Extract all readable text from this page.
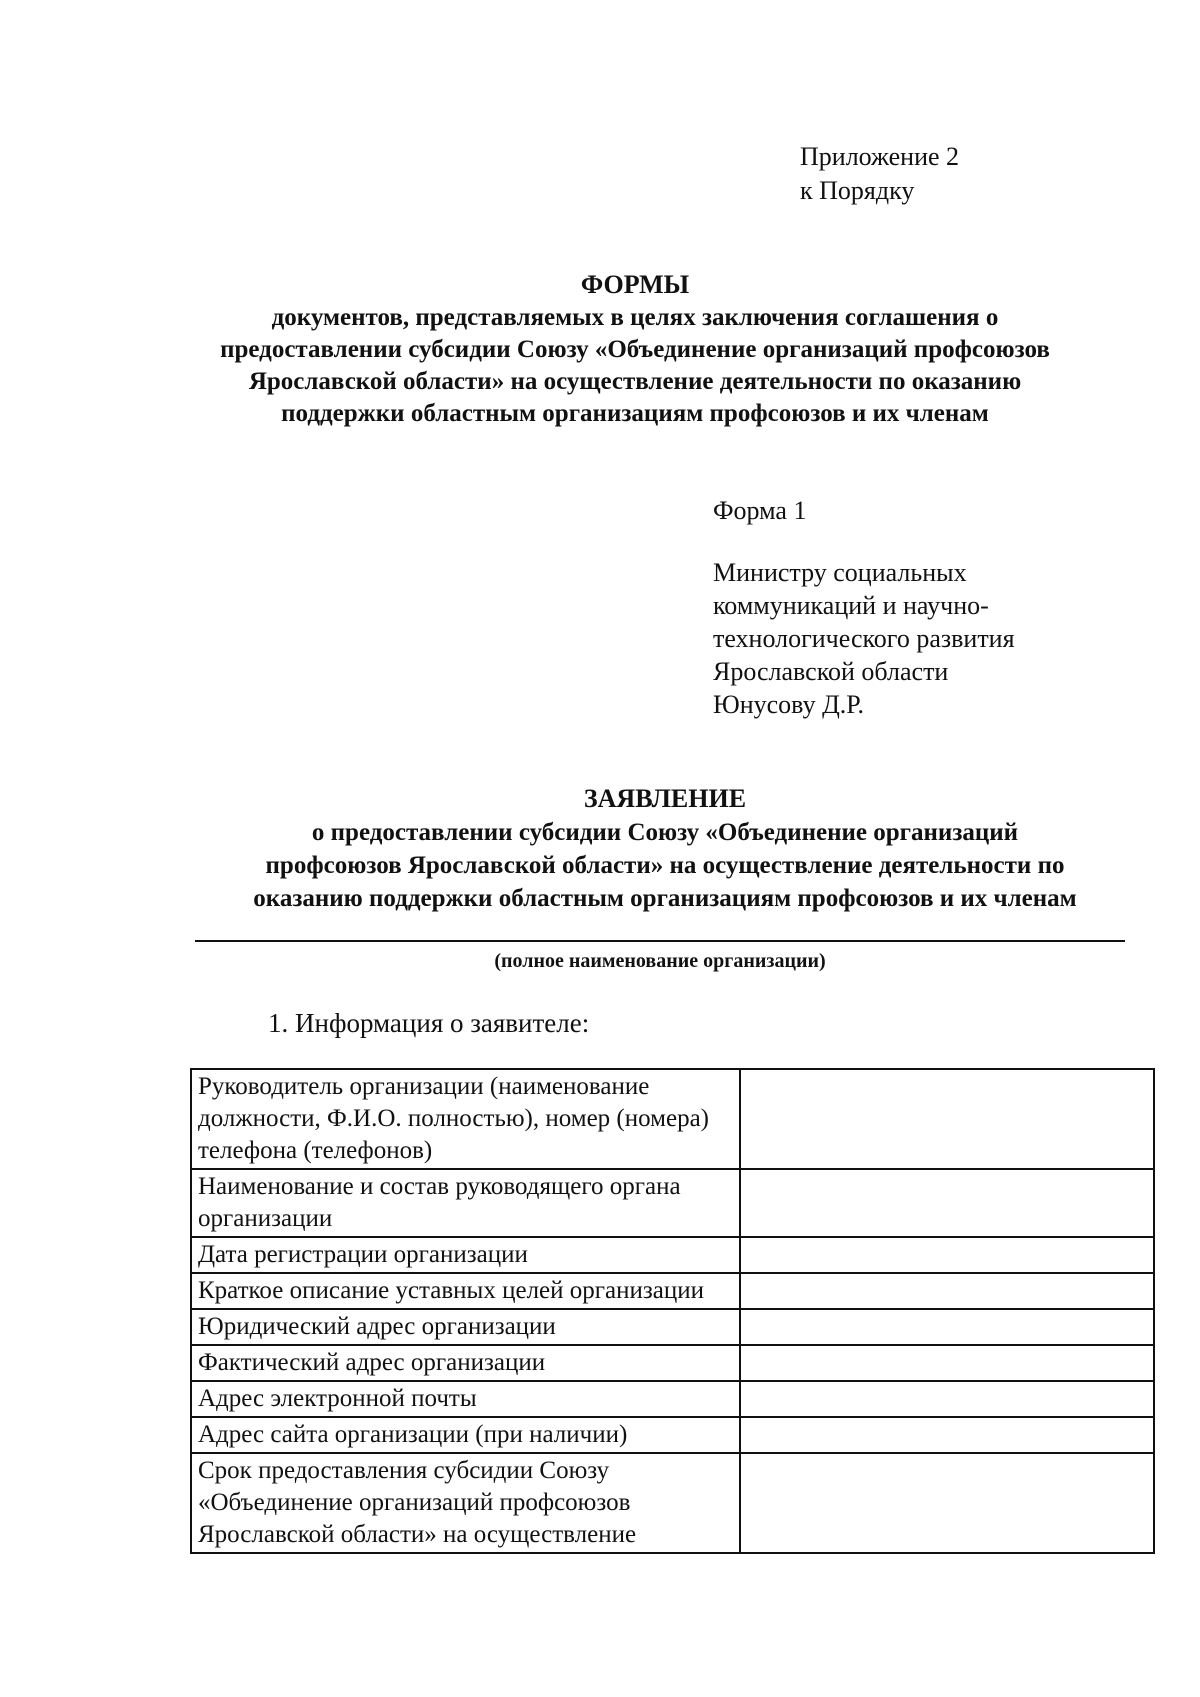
Приложение 2
к Порядку
ФОРМЫ
документов, представляемых в целях заключения соглашения о
предоставлении субсидии Союзу «Объединение организаций профсоюзов
Ярославской области» на осуществление деятельности по оказанию
поддержки областным организациям профсоюзов и их членам
Форма 1
Министру социальных
коммуникаций и научно-
технологического развития
Ярославской области
Юнусову Д.Р.
ЗАЯВЛЕНИЕ
о предоставлении субсидии Союзу «Объединение организаций
профсоюзов Ярославской области» на осуществление деятельности по
оказанию поддержки областным организациям профсоюзов и их членам
(полное наименование организации)
1. Информация о заявителе:
Руководитель организации (наименование должности, Ф.И.О. полностью), номер (номера) телефона (телефонов)	
Наименование и состав руководящего органа организации	
Дата регистрации организации	
Краткое описание уставных целей организации	
Юридический адрес организации	
Фактический адрес организации	
Адрес электронной почты	
Адрес сайта организации (при наличии)	
Срок предоставления субсидии Союзу «Объединение организаций профсоюзов Ярославской области» на осуществление	
